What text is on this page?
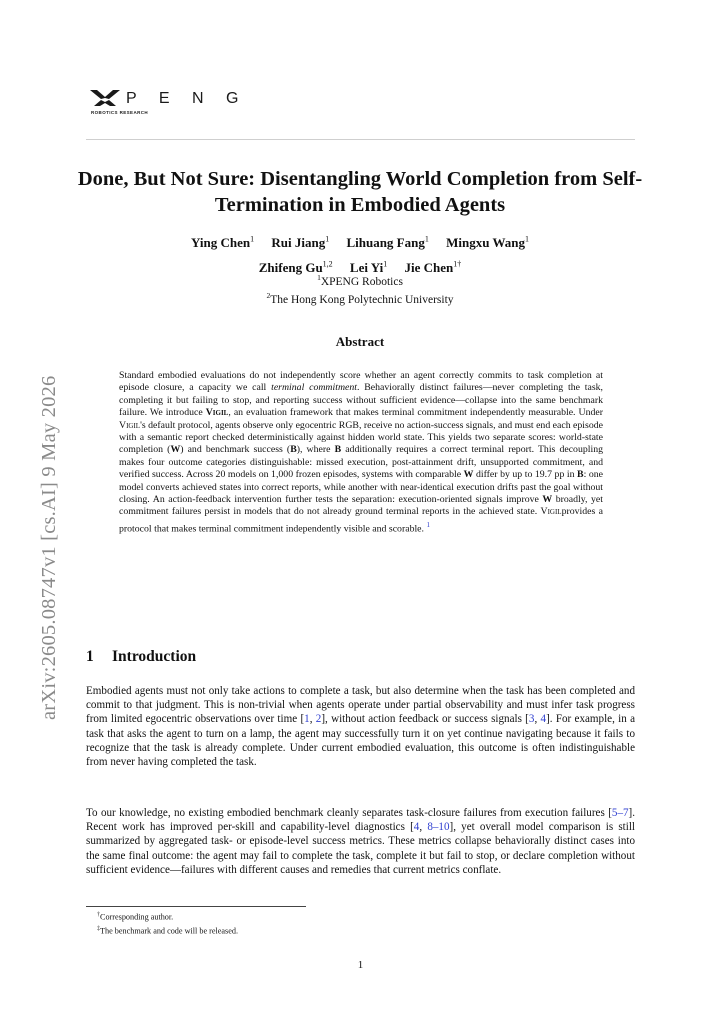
P E N G
ROBOTICS RESEARCH
Done, But Not Sure: Disentangling World Completion from Self-Termination in Embodied Agents
Ying Chen$^1$ Rui Jiang$^1$ Lihuang Fang$^1$ Mingxu Wang$^1$
Zhifeng Gu$^{1,2}$ Lei Yi$^1$ Jie Chen$^{1\dagger}$
$^1$XPENG Robotics
$^2$The Hong Kong Polytechnic University
Abstract
Standard embodied evaluations do not independently score whether an agent correctly commits to task completion at episode closure, a capacity we call terminal commitment. Behaviorally distinct failures—never completing the task, completing it but failing to stop, and reporting success without sufficient evidence—collapse into the same benchmark failure. We introduce Vigil, an evaluation framework that makes terminal commitment independently measurable. Under Vigil's default protocol, agents observe only egocentric RGB, receive no action-success signals, and must end each episode with a semantic report checked deterministically against hidden world state. This yields two separate scores: world-state completion (W) and benchmark success (B), where B additionally requires a correct terminal report. This decoupling makes four outcome categories distinguishable: missed execution, post-attainment drift, unsupported commitment, and verified success. Across 20 models on 1,000 frozen episodes, systems with comparable W differ by up to 19.7 pp in B: one model converts achieved states into correct reports, while another with near-identical execution drifts past the goal without closing. An action-feedback intervention further tests the separation: execution-oriented signals improve W broadly, yet commitment failures persist in models that do not already ground terminal reports in the achieved state. Vigilprovides a protocol that makes terminal commitment independently visible and scorable. $^1$
arXiv:2605.08747v1 [cs.AI] 9 May 2026 1 Introduction
Embodied agents must not only take actions to complete a task, but also determine when the task has been completed and commit to that judgment. This is non-trivial when agents operate under partial observability and must infer task progress from limited egocentric observations over time [1, 2], without action feedback or success signals [3, 4]. For example, in a task that asks the agent to turn on a lamp, the agent may successfully turn it on yet continue navigating because it fails to recognize that the task is already complete. Under current embodied evaluation, this outcome is often indistinguishable from never having completed the task.
To our knowledge, no existing embodied benchmark cleanly separates task-closure failures from execution failures [5–7]. Recent work has improved per-skill and capability-level diagnostics [4, 8–10], yet overall model comparison is still summarized by aggregated task- or episode-level success metrics. These metrics collapse behaviorally distinct cases into the same final outcome: the agent may fail to complete the task, complete it but fail to stop, or declare completion without sufficient evidence—failures with different causes and remedies that current metrics conflate.
†Corresponding author.
‡The benchmark and code will be released.
1
